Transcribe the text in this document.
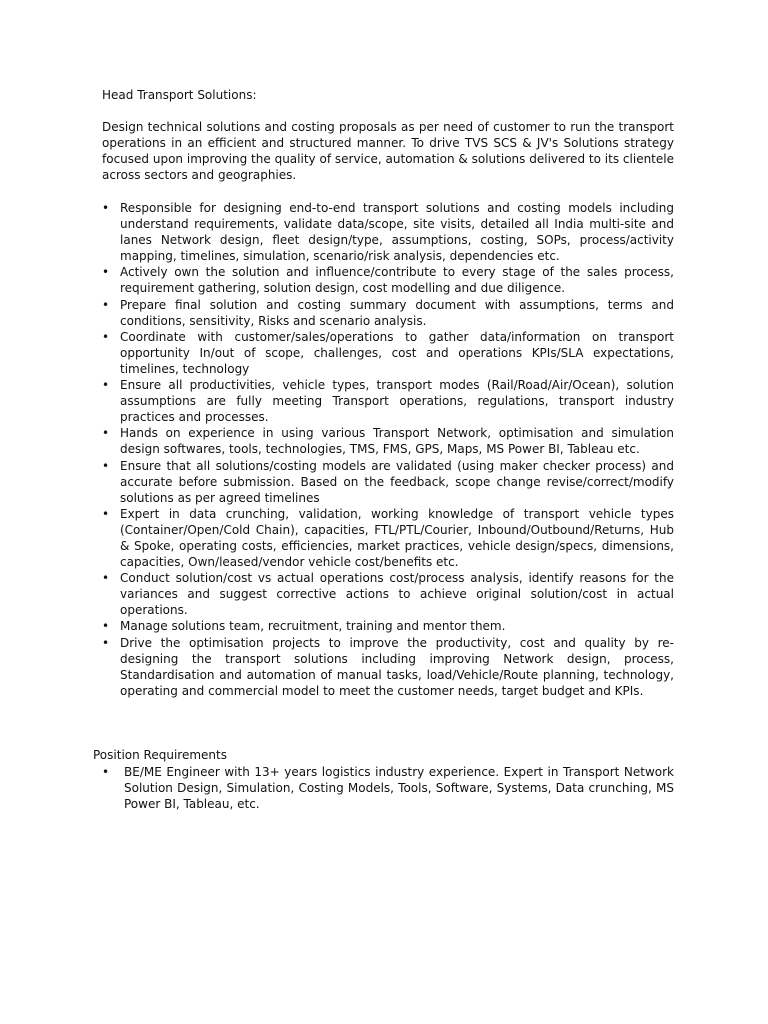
Head Transport Solutions:

Design technical solutions and costing proposals as per need of customer to run the transport operations in an efficient and structured manner. To drive TVS SCS & JV's Solutions strategy focused upon improving the quality of service, automation & solutions delivered to its clientele across sectors and geographies.

• Responsible for designing end-to-end transport solutions and costing models including understand requirements, validate data/scope, site visits, detailed all India multi-site and lanes Network design, fleet design/type, assumptions, costing, SOPs, process/activity mapping, timelines, simulation, scenario/risk analysis, dependencies etc.
• Actively own the solution and influence/contribute to every stage of the sales process, requirement gathering, solution design, cost modelling and due diligence.
• Prepare final solution and costing summary document with assumptions, terms and conditions, sensitivity, Risks and scenario analysis.
• Coordinate with customer/sales/operations to gather data/information on transport opportunity In/out of scope, challenges, cost and operations KPIs/SLA expectations, timelines, technology
• Ensure all productivities, vehicle types, transport modes (Rail/Road/Air/Ocean), solution assumptions are fully meeting Transport operations, regulations, transport industry practices and processes.
• Hands on experience in using various Transport Network, optimisation and simulation design softwares, tools, technologies, TMS, FMS, GPS, Maps, MS Power BI, Tableau etc.
• Ensure that all solutions/costing models are validated (using maker checker process) and accurate before submission. Based on the feedback, scope change revise/correct/modify solutions as per agreed timelines
• Expert in data crunching, validation, working knowledge of transport vehicle types (Container/Open/Cold Chain), capacities, FTL/PTL/Courier, Inbound/Outbound/Returns, Hub & Spoke, operating costs, efficiencies, market practices, vehicle design/specs, dimensions, capacities, Own/leased/vendor vehicle cost/benefits etc.
• Conduct solution/cost vs actual operations cost/process analysis, identify reasons for the variances and suggest corrective actions to achieve original solution/cost in actual operations.
• Manage solutions team, recruitment, training and mentor them.
• Drive the optimisation projects to improve the productivity, cost and quality by re-designing the transport solutions including improving Network design, process, Standardisation and automation of manual tasks, load/Vehicle/Route planning, technology, operating and commercial model to meet the customer needs, target budget and KPIs.
Position Requirements
• BE/ME Engineer with 13+ years logistics industry experience. Expert in Transport Network Solution Design, Simulation, Costing Models, Tools, Software, Systems, Data crunching, MS Power BI, Tableau, etc.
